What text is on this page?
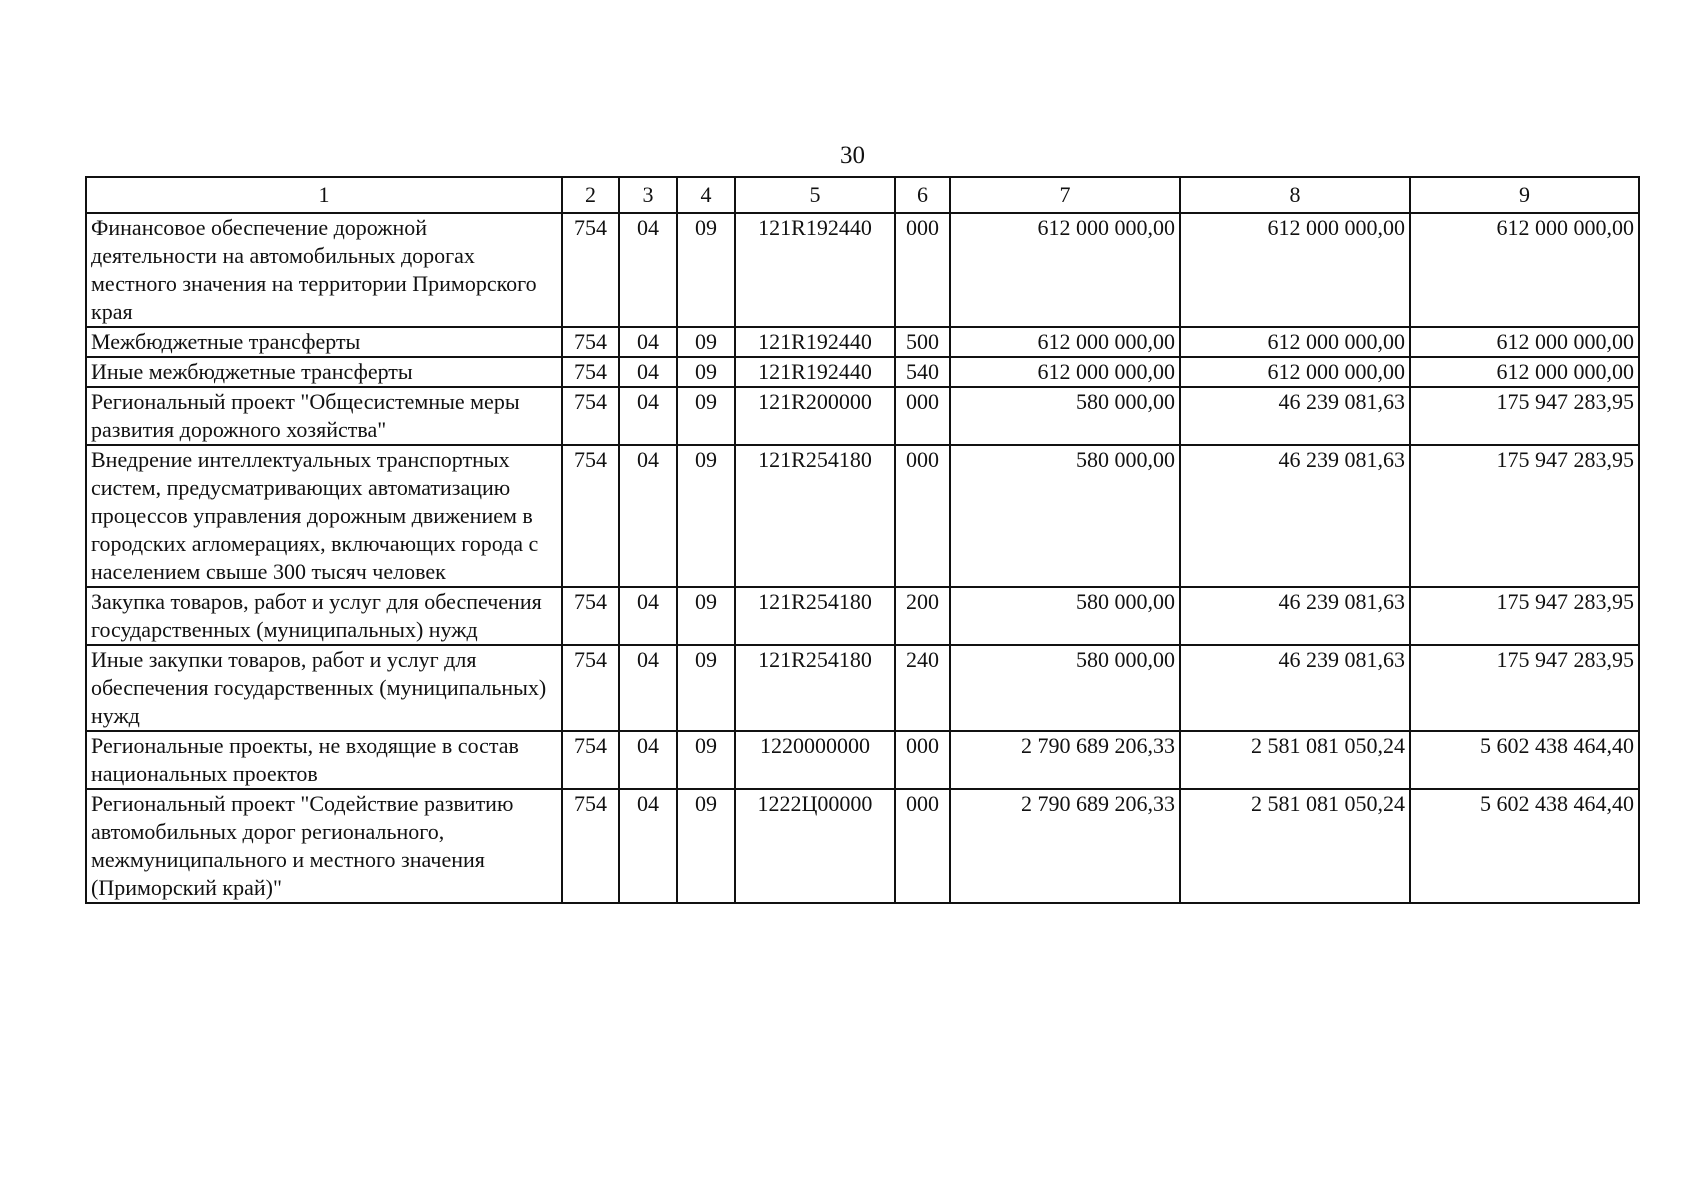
30
1	2	3	4	5	6	7	8	9
Финансовое обеспечение дорожной деятельности на автомобильных дорогах местного значения на территории Приморского края	754	04	09	121R192440	000	612 000 000,00	612 000 000,00	612 000 000,00
Межбюджетные трансферты	754	04	09	121R192440	500	612 000 000,00	612 000 000,00	612 000 000,00
Иные межбюджетные трансферты	754	04	09	121R192440	540	612 000 000,00	612 000 000,00	612 000 000,00
Региональный проект "Общесистемные меры развития дорожного хозяйства"	754	04	09	121R200000	000	580 000,00	46 239 081,63	175 947 283,95
Внедрение интеллектуальных транспортных систем, предусматривающих автоматизацию процессов управления дорожным движением в городских агломерациях, включающих города с населением свыше 300 тысяч человек	754	04	09	121R254180	000	580 000,00	46 239 081,63	175 947 283,95
Закупка товаров, работ и услуг для обеспечения государственных (муниципальных) нужд	754	04	09	121R254180	200	580 000,00	46 239 081,63	175 947 283,95
Иные закупки товаров, работ и услуг для обеспечения государственных (муниципальных) нужд	754	04	09	121R254180	240	580 000,00	46 239 081,63	175 947 283,95
Региональные проекты, не входящие в состав национальных проектов	754	04	09	1220000000	000	2 790 689 206,33	2 581 081 050,24	5 602 438 464,40
Региональный проект "Содействие развитию автомобильных дорог регионального, межмуниципального и местного значения (Приморский край)"	754	04	09	1222Ц00000	000	2 790 689 206,33	2 581 081 050,24	5 602 438 464,40
